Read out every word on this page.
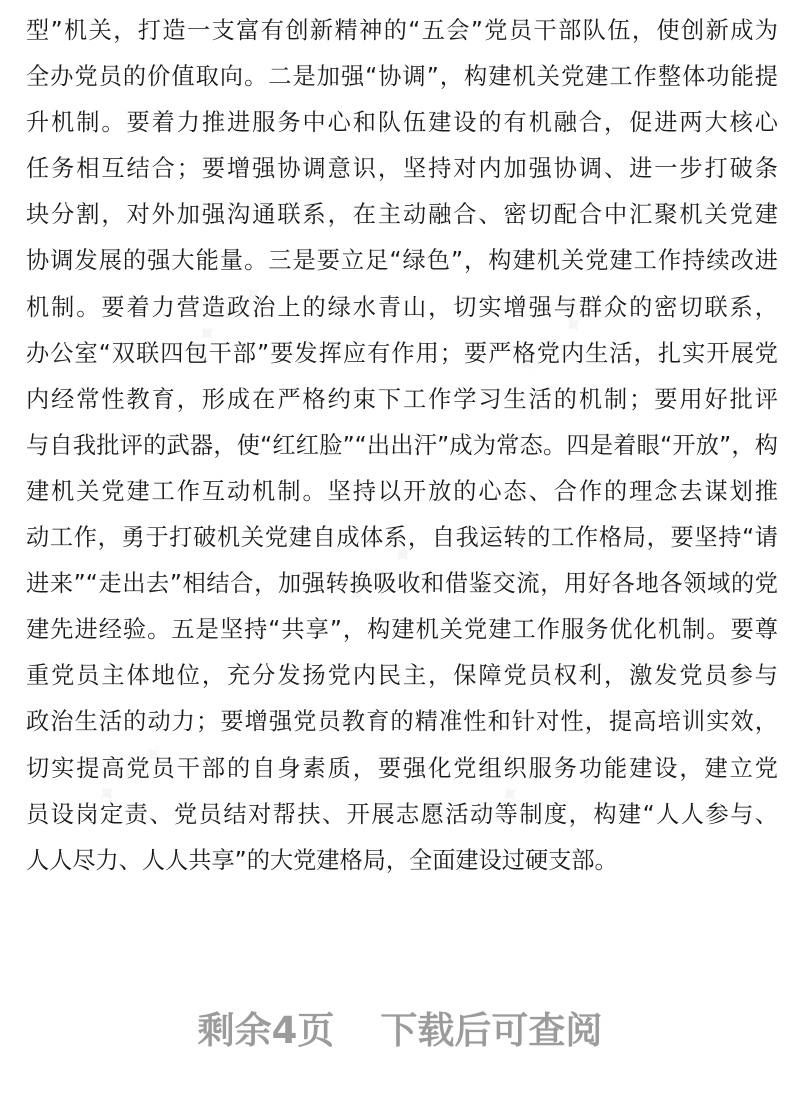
型”机关，打造一支富有创新精神的“五会”党员干部队伍，使创新成为
全办党员的价值取向。二是加强“协调”，构建机关党建工作整体功能提
升机制。要着力推进服务中心和队伍建设的有机融合，促进两大核心
任务相互结合；要增强协调意识，坚持对内加强协调、进一步打破条
块分割，对外加强沟通联系，在主动融合、密切配合中汇聚机关党建
协调发展的强大能量。三是要立足“绿色”，构建机关党建工作持续改进
机制。要着力营造政治上的绿水青山，切实增强与群众的密切联系，
办公室“双联四包干部”要发挥应有作用；要严格党内生活，扎实开展党
内经常性教育，形成在严格约束下工作学习生活的机制；要用好批评
与自我批评的武器，使“红红脸”“出出汗”成为常态。四是着眼“开放”，构
建机关党建工作互动机制。坚持以开放的心态、合作的理念去谋划推
动工作，勇于打破机关党建自成体系，自我运转的工作格局，要坚持“请
进来”“走出去”相结合，加强转换吸收和借鉴交流，用好各地各领域的党
建先进经验。五是坚持“共享”，构建机关党建工作服务优化机制。要尊
重党员主体地位，充分发扬党内民主，保障党员权利，激发党员参与
政治生活的动力；要增强党员教育的精准性和针对性，提高培训实效，
切实提高党员干部的自身素质，要强化党组织服务功能建设，建立党
员设岗定责、党员结对帮扶、开展志愿活动等制度，构建“人人参与、
人人尽力、人人共享”的大党建格局，全面建设过硬支部。
剩余4页 下载后可查阅
